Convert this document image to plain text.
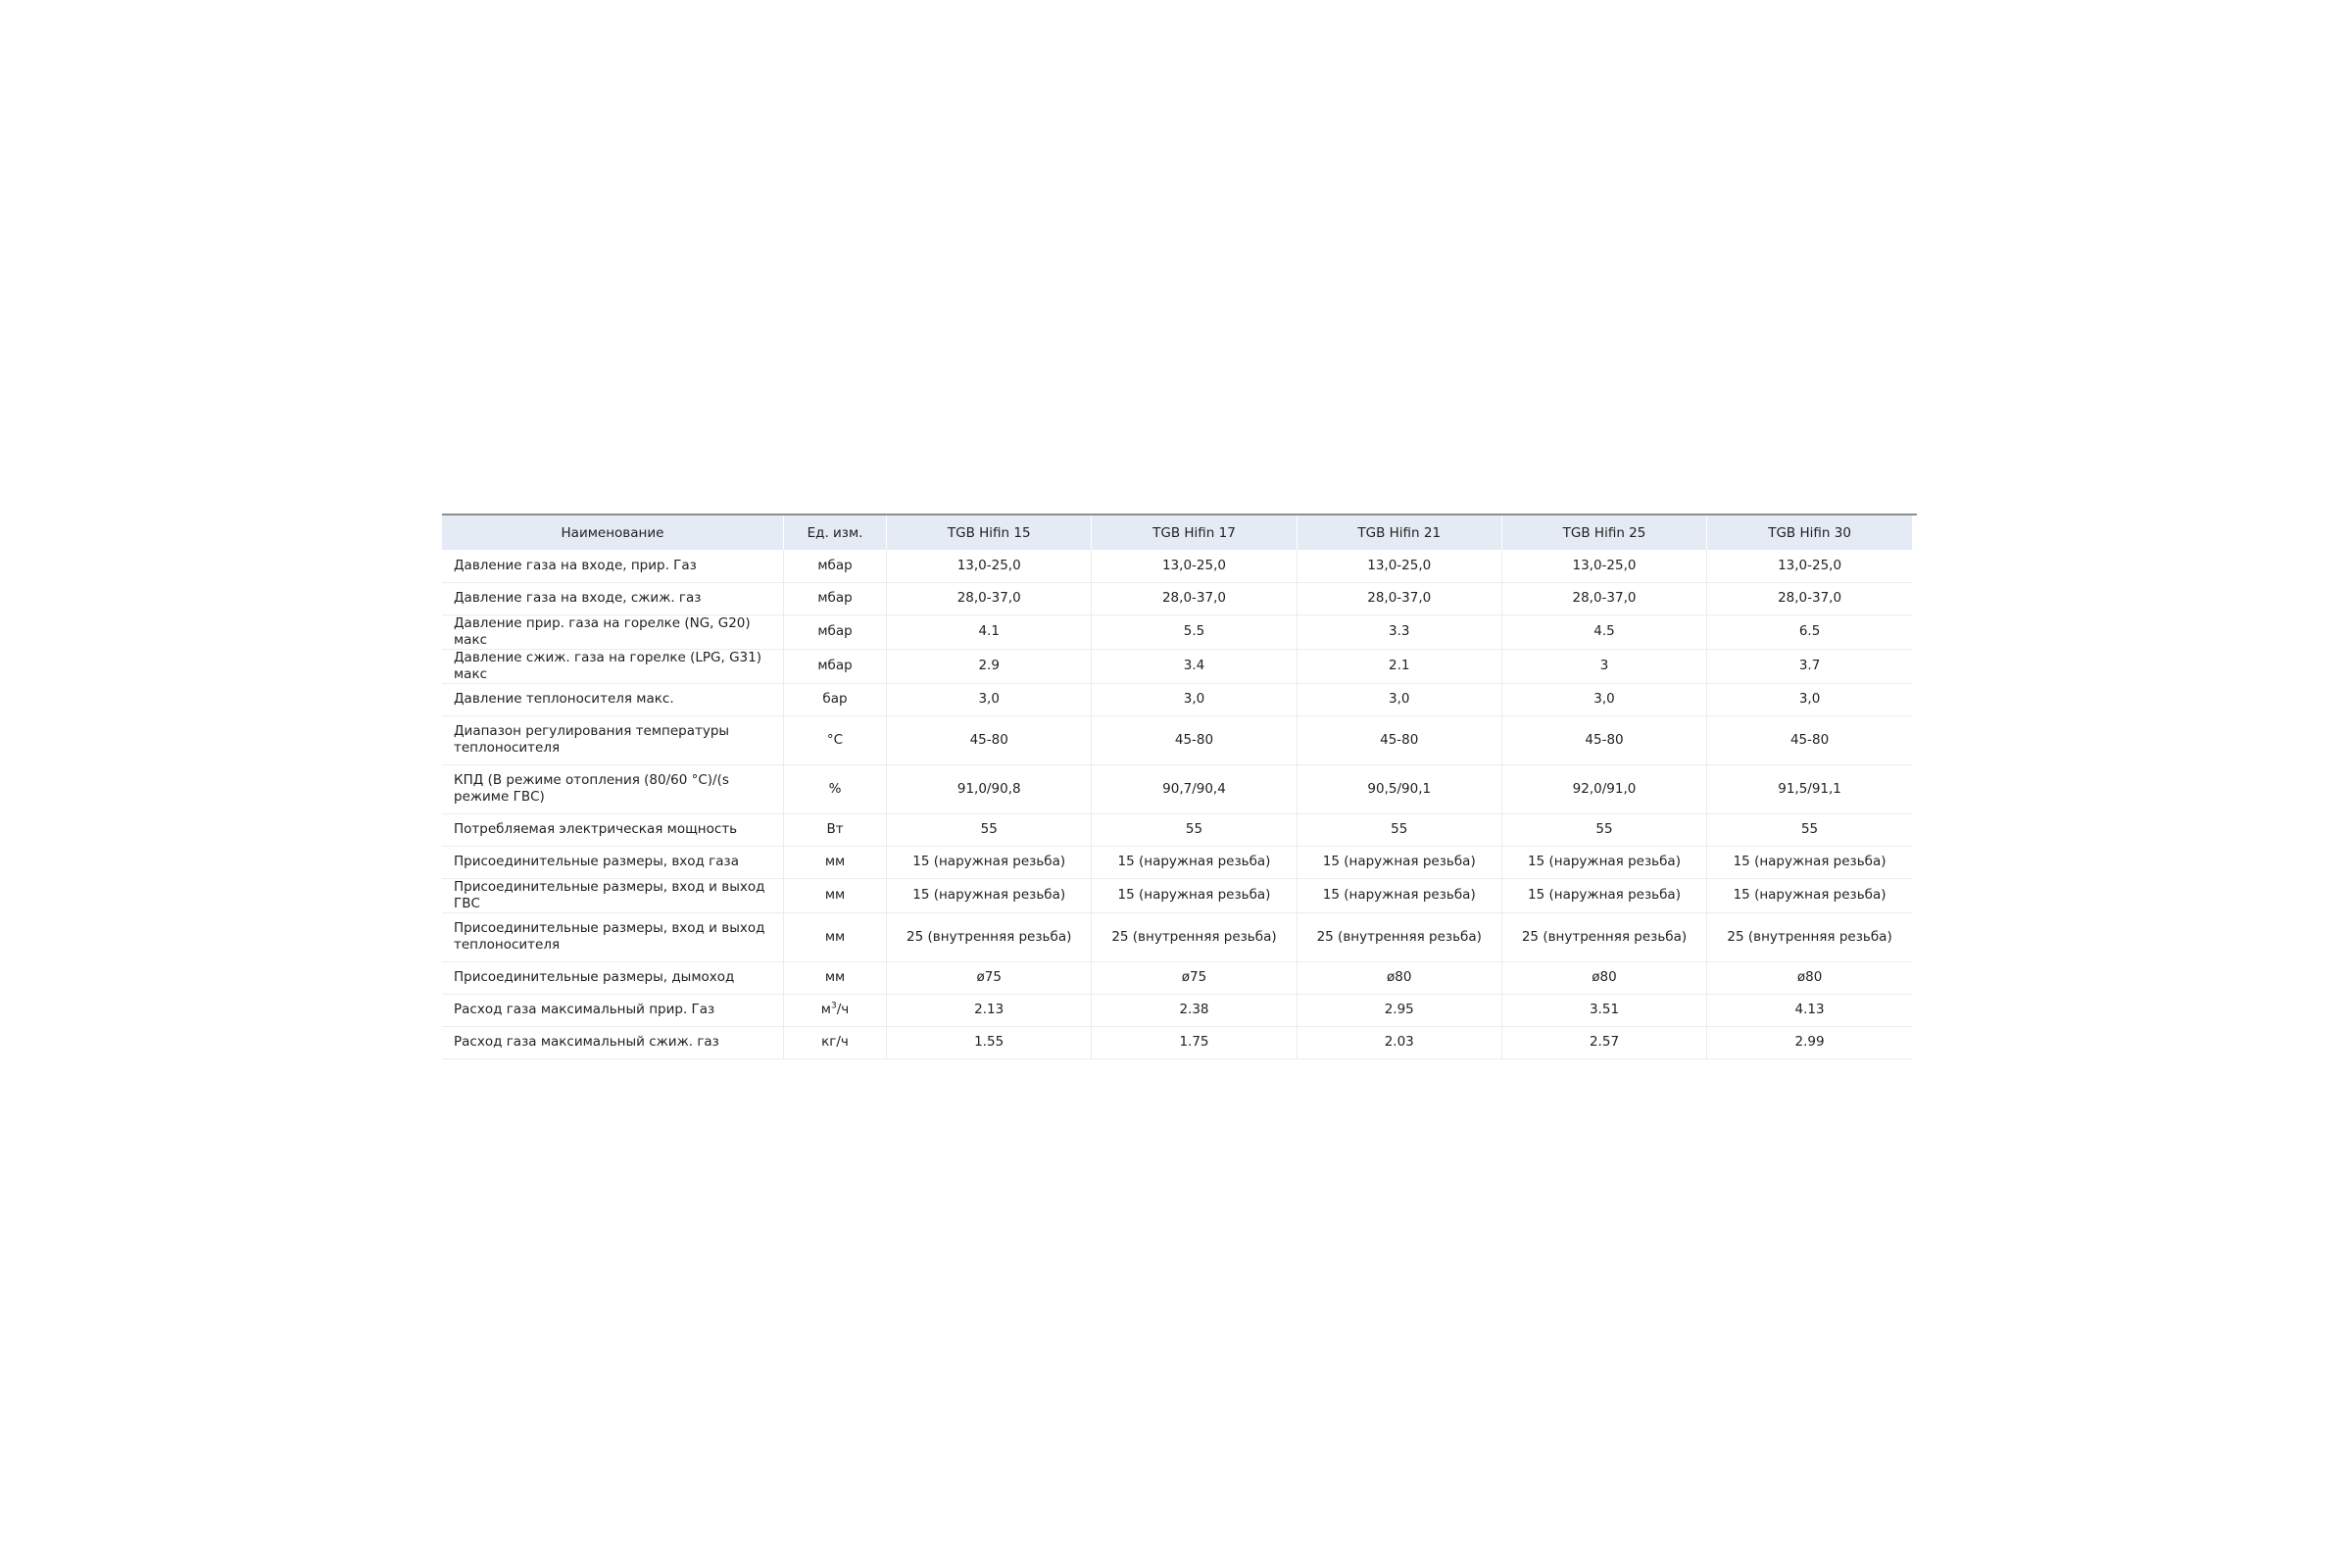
Наименование	Ед. изм.	TGB Hifin 15	TGB Hifin 17	TGB Hifin 21	TGB Hifin 25	TGB Hifin 30
Давление газа на входе, прир. Газ	мбар	13,0-25,0	13,0-25,0	13,0-25,0	13,0-25,0	13,0-25,0
Давление газа на входе, сжиж. газ	мбар	28,0-37,0	28,0-37,0	28,0-37,0	28,0-37,0	28,0-37,0
Давление прир. газа на горелке (NG, G20) макс	мбар	4.1	5.5	3.3	4.5	6.5
Давление сжиж. газа на горелке (LPG, G31) макс	мбар	2.9	3.4	2.1	3	3.7
Давление теплоносителя макс.	бар	3,0	3,0	3,0	3,0	3,0
Диапазон регулирования температуры теплоносителя	°C	45-80	45-80	45-80	45-80	45-80
КПД (В режиме отопления (80/60 °C)/(s режиме ГВС)	%	91,0/90,8	90,7/90,4	90,5/90,1	92,0/91,0	91,5/91,1
Потребляемая электрическая мощность	Вт	55	55	55	55	55
Присоединительные размеры, вход газа	мм	15 (наружная резьба)	15 (наружная резьба)	15 (наружная резьба)	15 (наружная резьба)	15 (наружная резьба)
Присоединительные размеры, вход и выход ГВС	мм	15 (наружная резьба)	15 (наружная резьба)	15 (наружная резьба)	15 (наружная резьба)	15 (наружная резьба)
Присоединительные размеры, вход и выход теплоносителя	мм	25 (внутренняя резьба)	25 (внутренняя резьба)	25 (внутренняя резьба)	25 (внутренняя резьба)	25 (внутренняя резьба)
Присоединительные размеры, дымоход	мм	ø75	ø75	ø80	ø80	ø80
Расход газа максимальный прир. Газ	$м^3/ч$	2.13	2.38	2.95	3.51	4.13
Расход газа максимальный сжиж. газ	кг/ч	1.55	1.75	2.03	2.57	2.99
